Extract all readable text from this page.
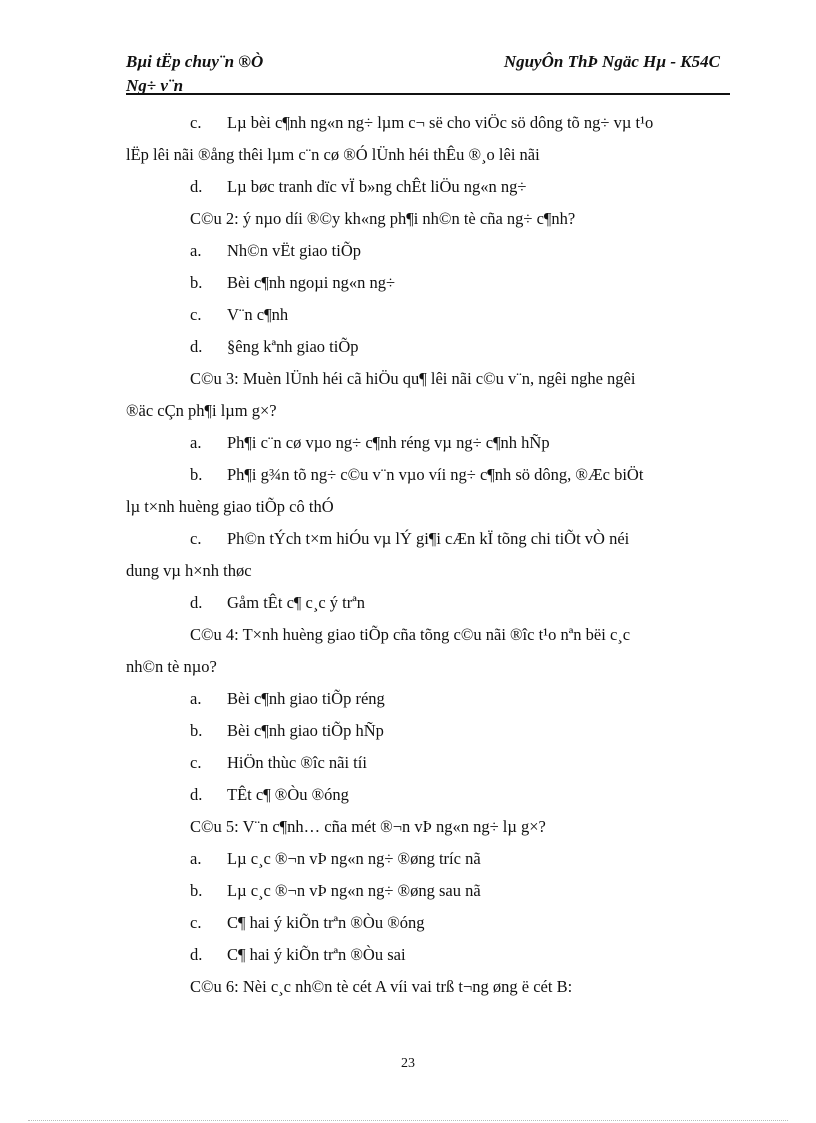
Bµi tËp chuy¨n ®Ò
Ng÷ v¨n
NguyÔn ThÞ Ngäc Hµ - K54C
c. Lµ bèi c¶nh ng«n ng÷ lµm c¬ së cho viÖc sö dông tõ ng÷ vµ t¹o
lËp lêi nãi ®ång thêi lµm c¨n cø ®Ó lÜnh héi thÊu ®¸o lêi nãi
d. Lµ bøc tranh dïc vÏ b»ng chÊt liÖu ng«n ng÷
C©u 2: ý nµo díi ®©y kh«ng ph¶i nh©n tè cña ng÷ c¶nh?
a. Nh©n vËt giao tiÕp
b. Bèi c¶nh ngoµi ng«n ng÷
c. V¨n c¶nh
d. §êng kªnh giao tiÕp
C©u 3: Muèn lÜnh héi cã hiÖu qu¶ lêi nãi c©u v¨n, ngêi nghe ngêi
®äc cÇn ph¶i lµm g×?
a. Ph¶i c¨n cø vµo ng÷ c¶nh réng vµ ng÷ c¶nh hÑp
b. Ph¶i g¾n tõ ng÷ c©u v¨n vµo víi ng÷ c¶nh sö dông, ®Æc biÖt
lµ t×nh huèng giao tiÕp cô thÓ
c. Ph©n tÝch t×m hiÓu vµ lÝ gi¶i cÆn kÏ tõng chi tiÕt vÒ néi
dung vµ h×nh thøc
d. Gåm tÊt c¶ c¸c ý trªn
C©u 4: T×nh huèng giao tiÕp cña tõng c©u nãi ®îc t¹o nªn bëi c¸c
nh©n tè nµo?
a. Bèi c¶nh giao tiÕp réng
b. Bèi c¶nh giao tiÕp hÑp
c. HiÖn thùc ®îc nãi tíi
d. TÊt c¶ ®Òu ®óng
C©u 5: V¨n c¶nh… cña mét ®¬n vÞ ng«n ng÷ lµ g×?
a. Lµ c¸c ®¬n vÞ ng«n ng÷ ®øng tríc nã
b. Lµ c¸c ®¬n vÞ ng«n ng÷ ®øng sau nã
c. C¶ hai ý kiÕn trªn ®Òu ®óng
d. C¶ hai ý kiÕn trªn ®Òu sai
C©u 6: Nèi c¸c nh©n tè cét A víi vai trß t¬ng øng ë cét B:
23
